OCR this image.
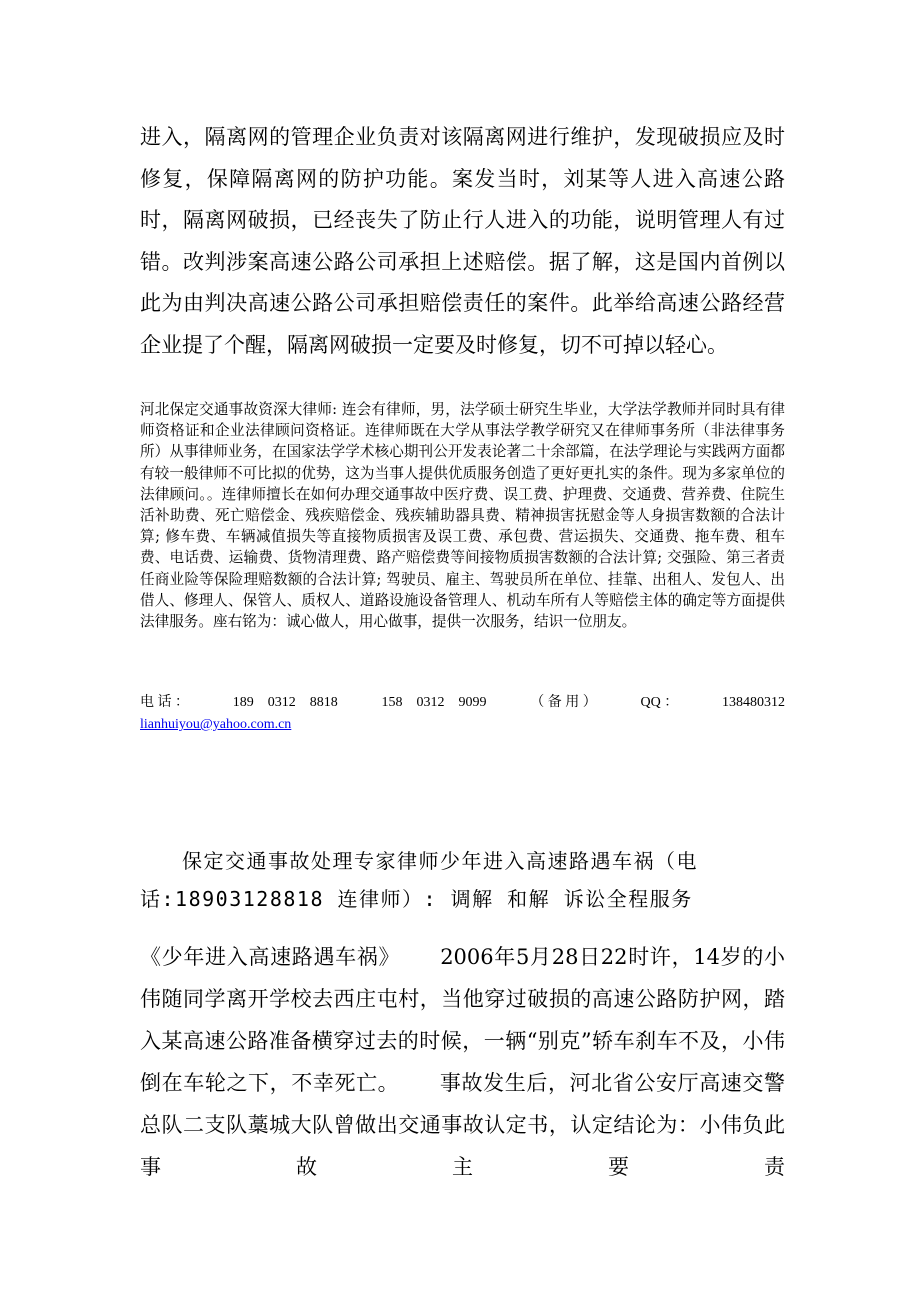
进入，隔离网的管理企业负责对该隔离网进行维护，发现破损应及时修复，保障隔离网的防护功能。案发当时，刘某等人进入高速公路时，隔离网破损，已经丧失了防止行人进入的功能，说明管理人有过错。改判涉案高速公路公司承担上述赔偿。据了解，这是国内首例以此为由判决高速公路公司承担赔偿责任的案件。此举给高速公路经营企业提了个醒，隔离网破损一定要及时修复，切不可掉以轻心。

河北保定交通事故资深大律师: 连会有律师，男，法学硕士研究生毕业，大学法学教师并同时具有律师资格证和企业法律顾问资格证。连律师既在大学从事法学教学研究又在律师事务所（非法律事务所）从事律师业务，在国家法学学术核心期刊公开发表论著二十余部篇，在法学理论与实践两方面都有较一般律师不可比拟的优势，这为当事人提供优质服务创造了更好更扎实的条件。现为多家单位的法律顾问。。连律师擅长在如何办理交通事故中医疗费、误工费、护理费、交通费、营养费、住院生活补助费、死亡赔偿金、残疾赔偿金、残疾辅助器具费、精神损害抚慰金等人身损害数额的合法计算; 修车费、车辆减值损失等直接物质损害及误工费、承包费、营运损失、交通费、拖车费、租车费、电话费、运输费、货物清理费、路产赔偿费等间接物质损害数额的合法计算; 交强险、第三者责任商业险等保险理赔数额的合法计算; 驾驶员、雇主、驾驶员所在单位、挂靠、出租人、发包人、出借人、修理人、保管人、质权人、道路设施设备管理人、机动车所有人等赔偿主体的确定等方面提供法律服务。座右铭为：诚心做人，用心做事，提供一次服务，结识一位朋友。

电 话 ：	189　0312　8818	158　0312　9099	（ 备 用 ）	QQ ：	138480312
lianhuiyou@yahoo.com.cn

保定交通事故处理专家律师少年进入高速路遇车祸（电话:18903128818 连律师）: 调解 和解 诉讼全程服务

《少年进入高速路遇车祸》 2006年5月28日22时许，14岁的小伟随同学离开学校去西庄屯村，当他穿过破损的高速公路防护网，踏入某高速公路准备横穿过去的时候，一辆“别克”轿车刹车不及，小伟倒在车轮之下，不幸死亡。 事故发生后，河北省公安厅高速交警总队二支队藁城大队曾做出交通事故认定书，认定结论为：小伟负此事故主要责
